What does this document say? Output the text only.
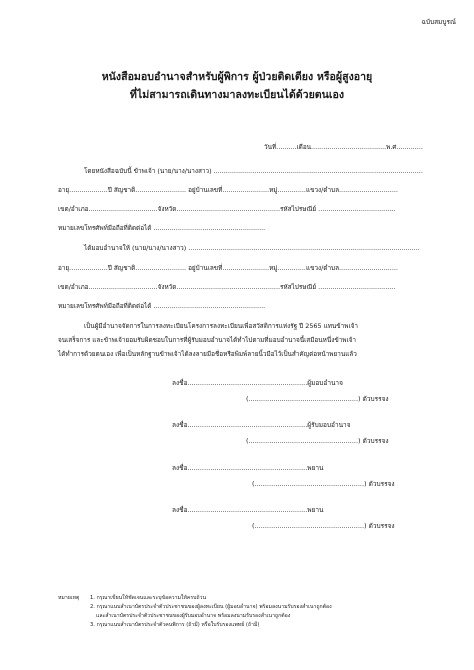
ฉบับสมบูรณ์
หนังสือมอบอำนาจสำหรับผู้พิการ ผู้ป่วยติดเตียง หรือผู้สูงอายุ
ที่ไม่สามารถเดินทางมาลงทะเบียนได้ด้วยตนเอง
วันที่..........เดือน.....................................พ.ศ.............
โดยหนังสือฉบับนี้ ข้าพเจ้า (นาย/นาง/นางสาว) .......................................................................................................
อายุ...................ปี สัญชาติ......................... อยู่บ้านเลขที่.......................หมู่..............แขวง/ตำบล.............................
เขต/อำเภอ..................................จังหวัด...................................................รหัสไปรษณีย์ ......................................
หมายเลขโทรศัพท์มือถือที่ติดต่อได้ .......................................................
ได้มอบอำนาจให้ (นาย/นาง/นางสาว) ..................................................................................................................
อายุ...................ปี สัญชาติ......................... อยู่บ้านเลขที่.......................หมู่..............แขวง/ตำบล.............................
เขต/อำเภอ..................................จังหวัด...................................................รหัสไปรษณีย์ ......................................
หมายเลขโทรศัพท์มือถือที่ติดต่อได้ .......................................................
เป็นผู้มีอำนาจจัดการในการลงทะเบียนโครงการลงทะเบียนเพื่อสวัสดิการแห่งรัฐ ปี 2565 แทนข้าพเจ้า
จนเสร็จการ และข้าพเจ้ายอมรับผิดชอบในการที่ผู้รับมอบอำนาจได้ทำไปตามที่มอบอำนาจนี้เสมือนหนึ่งข้าพเจ้า
ได้ทำการด้วยตนเอง เพื่อเป็นหลักฐานข้าพเจ้าได้ลงลายมือชื่อหรือพิมพ์ลายนิ้วมือไว้เป็นสำคัญต่อหน้าพยานแล้ว
ลงชื่อ..........................................................ผู้มอบอำนาจ
(.....................................................) ตัวบรรจง
ลงชื่อ..........................................................ผู้รับมอบอำนาจ
(.....................................................) ตัวบรรจง
ลงชื่อ..........................................................พยาน
(.....................................................) ตัวบรรจง
ลงชื่อ..........................................................พยาน
(.....................................................) ตัวบรรจง
หมายเหตุ 1. กรุณาเขียนให้ชัดเจนและระบุข้อความให้ครบถ้วน
2. กรุณาแนบสำเนาบัตรประจำตัวประชาชนของผู้ลงทะเบียน (ผู้มอบอำนาจ) พร้อมลงนามรับรองสำเนาถูกต้อง
และสำเนาบัตรประจำตัวประชาชนของผู้รับมอบอำนาจ พร้อมลงนามรับรองสำเนาถูกต้อง
3. กรุณาแนบสำเนาบัตรประจำตัวคนพิการ (ถ้ามี) หรือใบรับรองแพทย์ (ถ้ามี)
